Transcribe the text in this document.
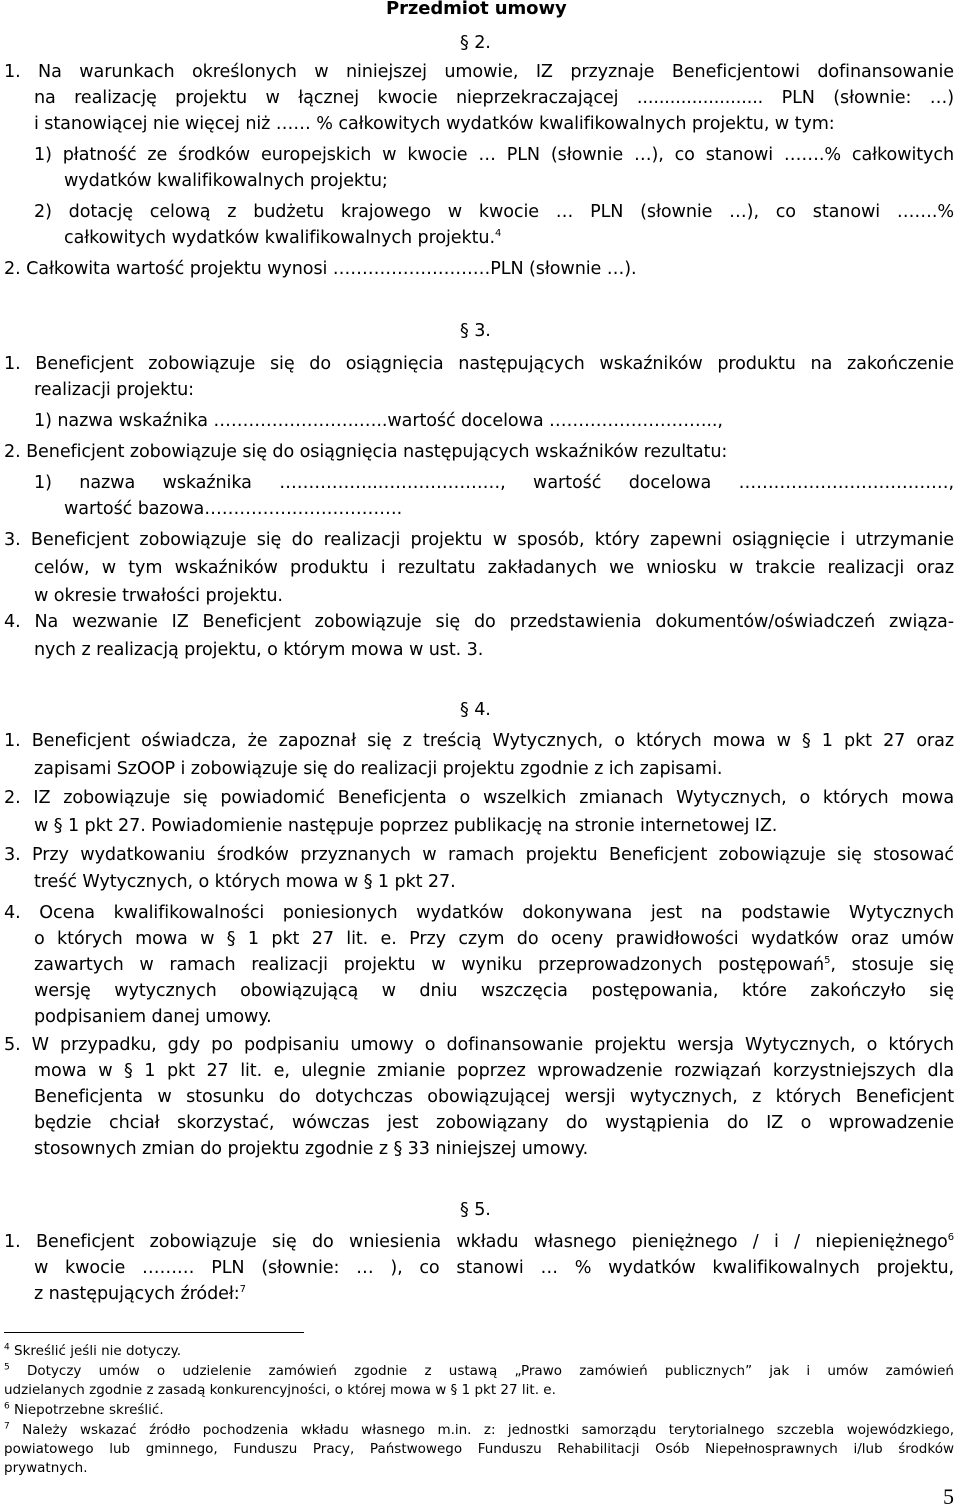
Przedmiot umowy
§ 2.
1. Na warunkach określonych w niniejszej umowie, IZ przyznaje Beneficjentowi dofinansowanie
na realizację projektu w łącznej kwocie nieprzekraczającej ....................... PLN (słownie: …)
i stanowiącej nie więcej niż …… % całkowitych wydatków kwalifikowalnych projektu, w tym:
1) płatność ze środków europejskich w kwocie … PLN (słownie …), co stanowi …….% całkowitych
wydatków kwalifikowalnych projektu;
2) dotację celową z budżetu krajowego w kwocie … PLN (słownie …), co stanowi …….%
całkowitych wydatków kwalifikowalnych projektu.$^4$
2. Całkowita wartość projektu wynosi ………………………PLN (słownie …).
§ 3.
1. Beneficjent zobowiązuje się do osiągnięcia następujących wskaźników produktu na zakończenie
realizacji projektu:
1) nazwa wskaźnika …………………….…..wartość docelowa ………………………..,
2. Beneficjent zobowiązuje się do osiągnięcia następujących wskaźników rezultatu:
1) nazwa wskaźnika ……………..…………………, wartość docelowa ………………………………,
wartość bazowa…………………………….
3. Beneficjent zobowiązuje się do realizacji projektu w sposób, który zapewni osiągnięcie i utrzymanie
celów, w tym wskaźników produktu i rezultatu zakładanych we wniosku w trakcie realizacji oraz
w okresie trwałości projektu.
4. Na wezwanie IZ Beneficjent zobowiązuje się do przedstawienia dokumentów/oświadczeń związa-
nych z realizacją projektu, o którym mowa w ust. 3.
§ 4.
1. Beneficjent oświadcza, że zapoznał się z treścią Wytycznych, o których mowa w § 1 pkt 27 oraz
zapisami SzOOP i zobowiązuje się do realizacji projektu zgodnie z ich zapisami.
2. IZ zobowiązuje się powiadomić Beneficjenta o wszelkich zmianach Wytycznych, o których mowa
w § 1 pkt 27. Powiadomienie następuje poprzez publikację na stronie internetowej IZ.
3. Przy wydatkowaniu środków przyznanych w ramach projektu Beneficjent zobowiązuje się stosować
treść Wytycznych, o których mowa w § 1 pkt 27.
4. Ocena kwalifikowalności poniesionych wydatków dokonywana jest na podstawie Wytycznych
o których mowa w § 1 pkt 27 lit. e. Przy czym do oceny prawidłowości wydatków oraz umów
zawartych w ramach realizacji projektu w wyniku przeprowadzonych postępowań$^5$, stosuje się
wersję wytycznych obowiązującą w dniu wszczęcia postępowania, które zakończyło się
podpisaniem danej umowy.
5. W przypadku, gdy po podpisaniu umowy o dofinansowanie projektu wersja Wytycznych, o których
mowa w § 1 pkt 27 lit. e, ulegnie zmianie poprzez wprowadzenie rozwiązań korzystniejszych dla
Beneficjenta w stosunku do dotychczas obowiązującej wersji wytycznych, z których Beneficjent
będzie chciał skorzystać, wówczas jest zobowiązany do wystąpienia do IZ o wprowadzenie
stosownych zmian do projektu zgodnie z § 33 niniejszej umowy.
§ 5.
1. Beneficjent zobowiązuje się do wniesienia wkładu własnego pieniężnego / i / niepieniężnego$^6$
w kwocie ……… PLN (słownie: … ), co stanowi … % wydatków kwalifikowalnych projektu,
z następujących źródeł:$^7$
$^4$ Skreślić jeśli nie dotyczy.
$^5$ Dotyczy umów o udzielenie zamówień zgodnie z ustawą „Prawo zamówień publicznych” jak i umów zamówień
udzielanych zgodnie z zasadą konkurencyjności, o której mowa w § 1 pkt 27 lit. e.
$^6$ Niepotrzebne skreślić.
$^7$ Należy wskazać źródło pochodzenia wkładu własnego m.in. z: jednostki samorządu terytorialnego szczebla wojewódzkiego,
powiatowego lub gminnego, Funduszu Pracy, Państwowego Funduszu Rehabilitacji Osób Niepełnosprawnych i/lub środków
prywatnych.
5
